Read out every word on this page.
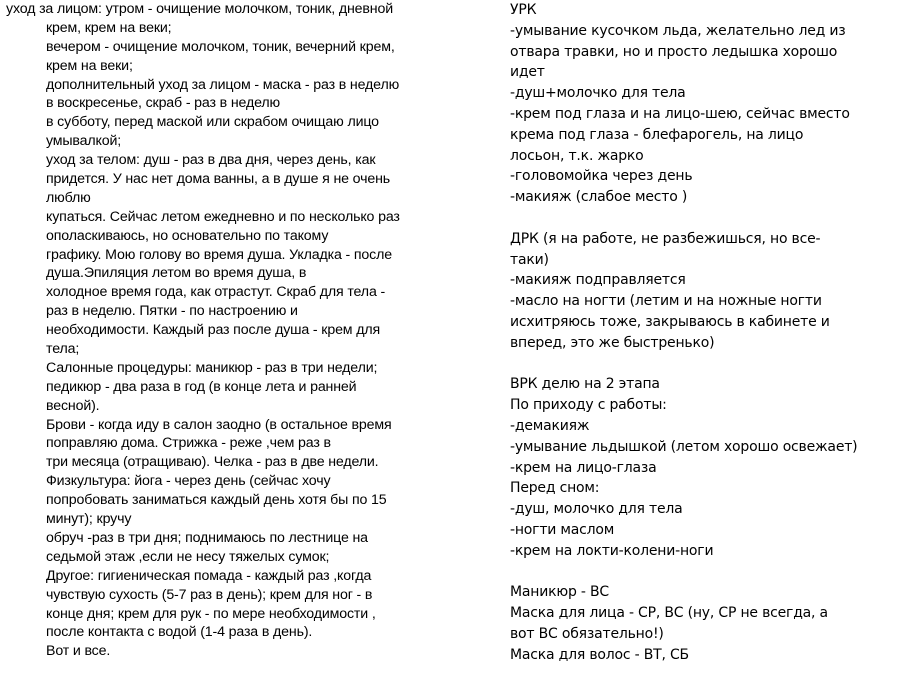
уход за лицом: утром - очищение молочком, тоник, дневной
крем, крем на веки;
вечером - очищение молочком, тоник, вечерний крем,
крем на веки;
дополнительный уход за лицом - маска - раз в неделю
в воскресенье, скраб - раз в неделю
в субботу, перед маской или скрабом очищаю лицо
умывалкой;
уход за телом: душ - раз в два дня, через день, как
придется. У нас нет дома ванны, а в душе я не очень
люблю
купаться. Сейчас летом ежедневно и по несколько раз
ополаскиваюсь, но основательно по такому
графику. Мою голову во время душа. Укладка - после
душа.Эпиляция летом во время душа, в
холодное время года, как отрастут. Скраб для тела -
раз в неделю. Пятки - по настроению и
необходимости. Каждый раз после душа - крем для
тела;
Салонные процедуры: маникюр - раз в три недели;
педикюр - два раза в год (в конце лета и ранней
весной).
Брови - когда иду в салон заодно (в остальное время
поправляю дома. Стрижка - реже ,чем раз в
три месяца (отращиваю). Челка - раз в две недели.
Физкультура: йога - через день (сейчас хочу
попробовать заниматься каждый день хотя бы по 15
минут); кручу
обруч -раз в три дня; поднимаюсь по лестнице на
седьмой этаж ,если не несу тяжелых сумок;
Другое: гигиеническая помада - каждый раз ,когда
чувствую сухость (5-7 раз в день); крем для ног - в
конце дня; крем для рук - по мере необходимости ,
после контакта с водой (1-4 раза в день).
Вот и все.
УРК
-умывание кусочком льда, желательно лед из
отвара травки, но и просто ледышка хорошо
идет
-душ+молочко для тела
-крем под глаза и на лицо-шею, сейчас вместо
крема под глаза - блефарогель, на лицо
лосьон, т.к. жарко
-головомойка через день
-макияж (слабое место )
ДРК (я на работе, не разбежишься, но все-
таки)
-макияж подправляется
-масло на ногти (летим и на ножные ногти
исхитряюсь тоже, закрываюсь в кабинете и
вперед, это же быстренько)
ВРК делю на 2 этапа
По приходу с работы:
-демакияж
-умывание льдышкой (летом хорошо освежает)
-крем на лицо-глаза
Перед сном:
-душ, молочко для тела
-ногти маслом
-крем на локти-колени-ноги
Маникюр - ВС
Маска для лица - СР, ВС (ну, СР не всегда, а
вот ВС обязательно!)
Маска для волос - ВТ, СБ
